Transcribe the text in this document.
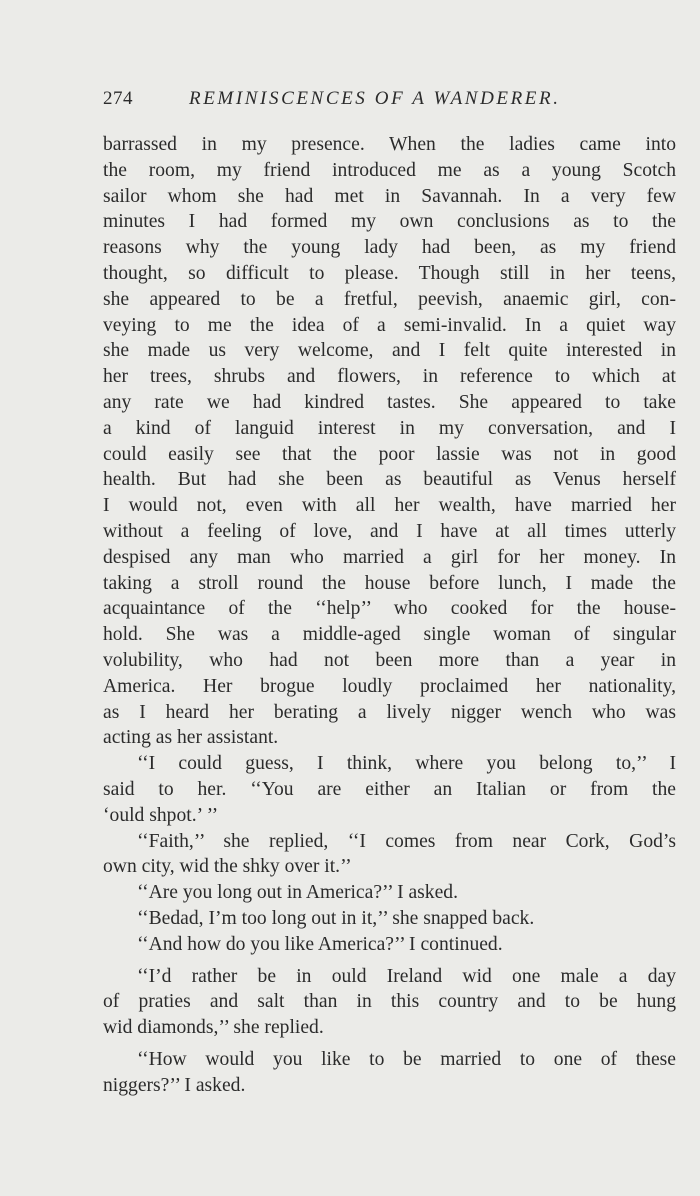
274	REMINISCENCES OF A WANDERER.
barrassed in my presence. When the ladies came into
the room, my friend introduced me as a young Scotch
sailor whom she had met in Savannah. In a very few
minutes I had formed my own conclusions as to the
reasons why the young lady had been, as my friend
thought, so difficult to please. Though still in her teens,
she appeared to be a fretful, peevish, anaemic girl, con-
veying to me the idea of a semi-invalid. In a quiet way
she made us very welcome, and I felt quite interested in
her trees, shrubs and flowers, in reference to which at
any rate we had kindred tastes. She appeared to take
a kind of languid interest in my conversation, and I
could easily see that the poor lassie was not in good
health. But had she been as beautiful as Venus herself
I would not, even with all her wealth, have married her
without a feeling of love, and I have at all times utterly
despised any man who married a girl for her money. In
taking a stroll round the house before lunch, I made the
acquaintance of the ‘‘help’’ who cooked for the house-
hold. She was a middle-aged single woman of singular
volubility, who had not been more than a year in
America. Her brogue loudly proclaimed her nationality,
as I heard her berating a lively nigger wench who was
acting as her assistant.
‘‘I could guess, I think, where you belong to,’’ I
said to her. ‘‘You are either an Italian or from the
‘ould shpot.’ ’’
‘‘Faith,’’ she replied, ‘‘I comes from near Cork, God’s
own city, wid the shky over it.’’
‘‘Are you long out in America?’’ I asked.
‘‘Bedad, I’m too long out in it,’’ she snapped back.
‘‘And how do you like America?’’ I continued.
‘‘I’d rather be in ould Ireland wid one male a day
of praties and salt than in this country and to be hung
wid diamonds,’’ she replied.
‘‘How would you like to be married to one of these
niggers?’’ I asked.
